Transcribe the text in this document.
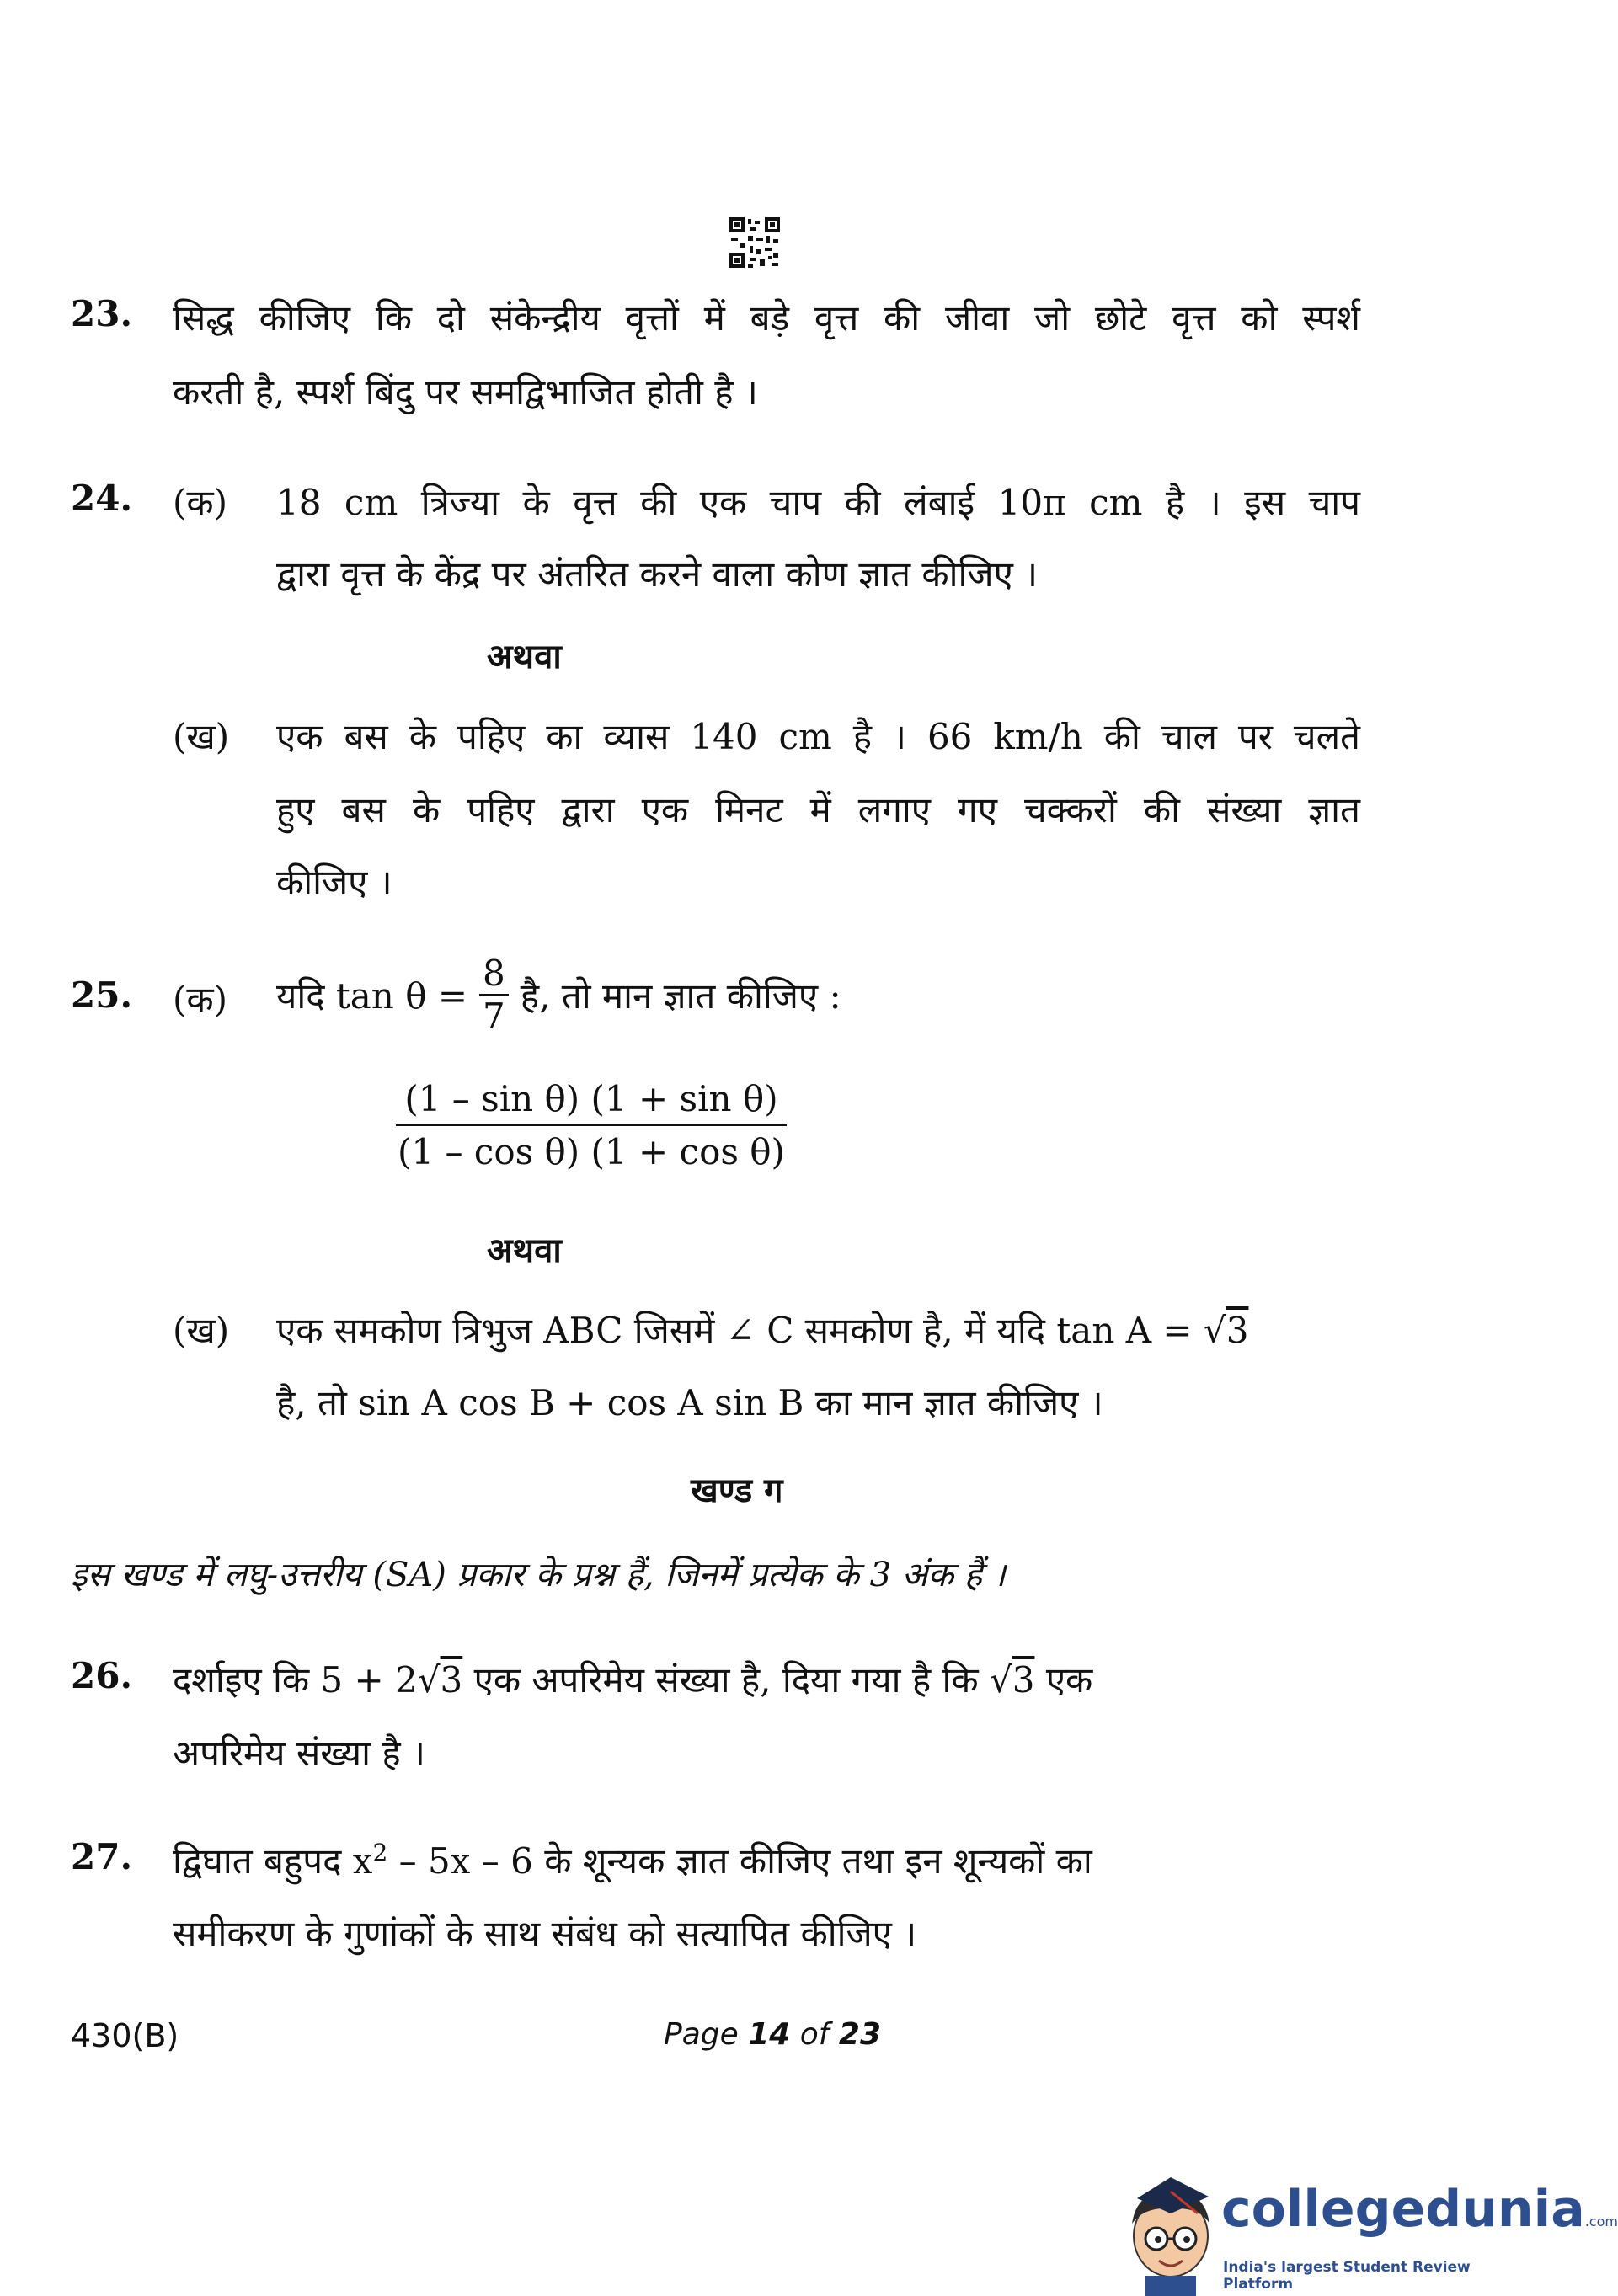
23. सिद्ध कीजिए कि दो संकेन्द्रीय वृत्तों में बड़े वृत्त की जीवा जो छोटे वृत्त को स्पर्श
करती है, स्पर्श बिंदु पर समद्विभाजित होती है ।
24. (क) 18 cm त्रिज्या के वृत्त की एक चाप की लंबाई 10π cm है । इस चाप
द्वारा वृत्त के केंद्र पर अंतरित करने वाला कोण ज्ञात कीजिए ।
अथवा
(ख) एक बस के पहिए का व्यास 140 cm है । 66 km/h की चाल पर चलते
हुए बस के पहिए द्वारा एक मिनट में लगाए गए चक्करों की संख्या ज्ञात
कीजिए ।
25. (क) यदि $\tan \theta = \frac{8}{7}$ है, तो मान ज्ञात कीजिए :
$\frac{\text{(1 – sin θ) (1 + sin θ)}}{\text{(1 – cos θ) (1 + cos θ)}}$
अथवा
(ख) एक समकोण त्रिभुज ABC जिसमें ∠ C समकोण है, में यदि tan A = √3
है, तो sin A cos B + cos A sin B का मान ज्ञात कीजिए ।
खण्ड ग
इस खण्ड में लघु-उत्तरीय (SA) प्रकार के प्रश्न हैं, जिनमें प्रत्येक के 3 अंक हैं ।
26. दर्शाइए कि 5 + 2√3 एक अपरिमेय संख्या है, दिया गया है कि √3 एक
अपरिमेय संख्या है ।
27. द्विघात बहुपद $x^2 - 5x - 6$ के शून्यक ज्ञात कीजिए तथा इन शून्यकों का
समीकरण के गुणांकों के साथ संबंध को सत्यापित कीजिए ।
430(B)	Page 14 of 23
collegedunia.com
India's largest Student Review Platform
